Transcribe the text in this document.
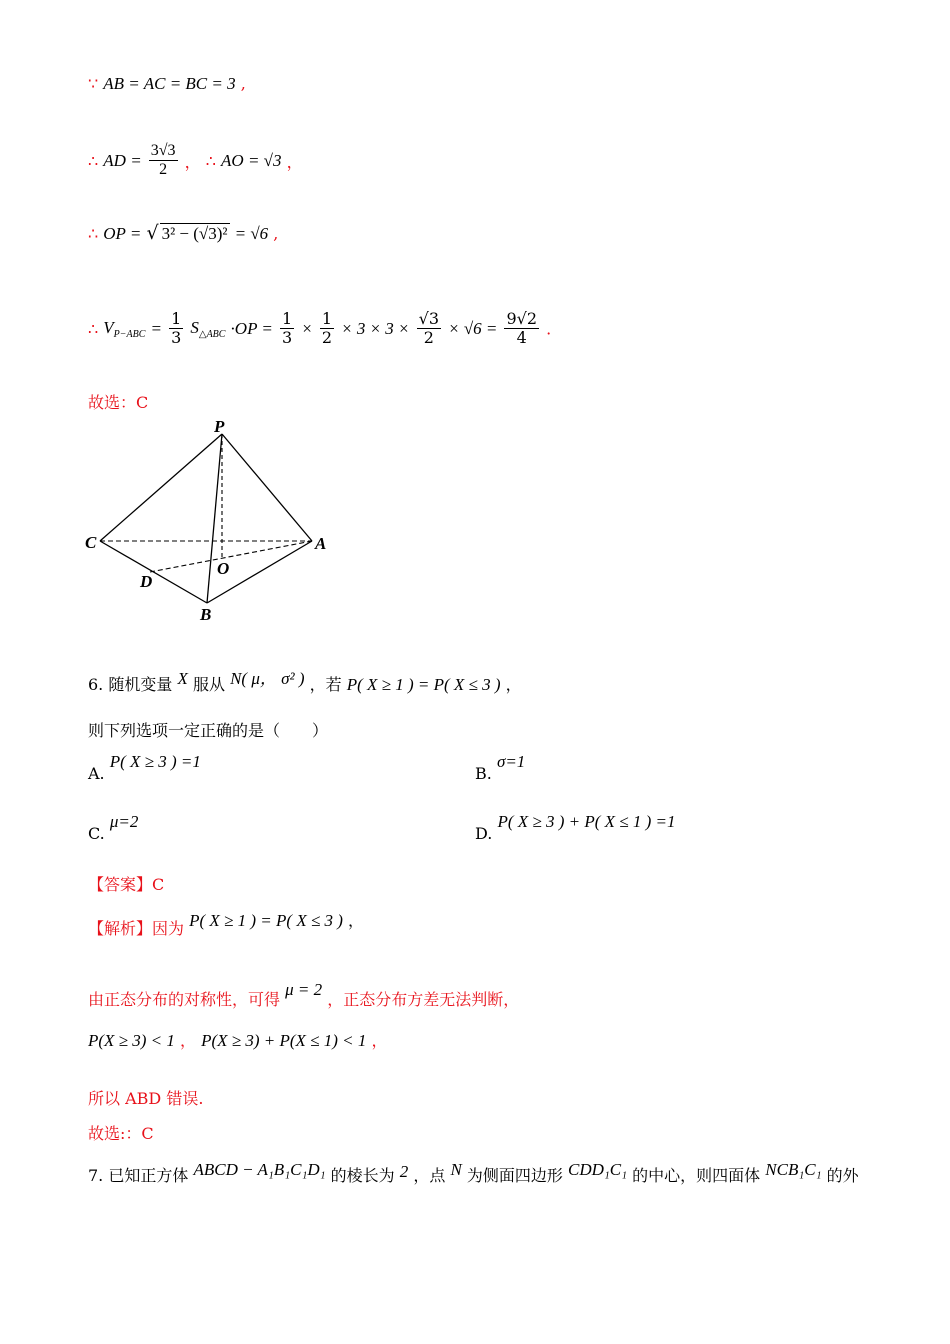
∵ AB = AC = BC = 3 ,
∴ AD = $\frac{3√3}{2}$ ， ∴ AO = √3 ，
∴ OP = √ 3² − (√3)² = √6 ,
∴ $V_{P-ABC} = \frac{1}{3} S_{\triangle ABC} \cdot OP = \frac{1}{3} \times \frac{1}{2} \times 3 \times 3 \times \frac{√3}{2} \times √6 = \frac{9√2}{4}$ .
故选：C
P
C	A
D
O
B
6. 随机变量 X 服从 N( μ， σ² ) ，若 P( X ≥ 1 ) = P( X ≤ 3 ) ，
则下列选项一定正确的是（　　）
A. P( X ≥ 3 ) =1
B. σ=1
C. μ=2
D. P( X ≥ 3 ) + P( X ≤ 1 ) =1
【答案】C
【解析】因为 P( X ≥ 1 ) = P( X ≤ 3 ) ，
由正态分布的对称性，可得 μ = 2 ，正态分布方差无法判断，
P(X ≥ 3) < 1 ， P(X ≥ 3) + P(X ≤ 1) < 1 ，
所以 ABD 错误.
故选:：C
7. 已知正方体 ABCD − A₁B₁C₁D₁ 的棱长为 2 ，点 N 为侧面四边形 CDD₁C₁ 的中心，则四面体 NCB₁C₁ 的外
